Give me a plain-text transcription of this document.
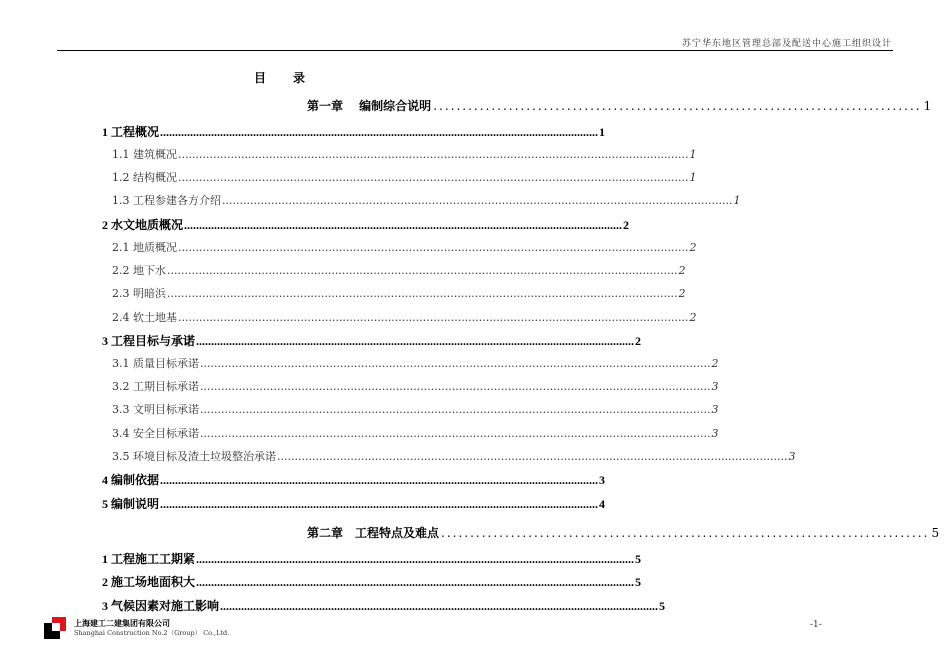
苏宁华东地区管理总部及配送中心施工组织设计
目　　录
第一章　 编制综合说明 .................................................................................... 1
1 工程概况 .................................................................................................................................................. 1
1.1 建筑概况 .................................................................................................................................................. 1
1.2 结构概况 .................................................................................................................................................. 1
1.3 工程参建各方介绍 .................................................................................................................................................. 1
2 水文地质概况 .................................................................................................................................................. 2
2.1 地质概况 .................................................................................................................................................. 2
2.2 地下水 .................................................................................................................................................. 2
2.3 明暗浜 .................................................................................................................................................. 2
2.4 软土地基 .................................................................................................................................................. 2
3 工程目标与承诺 .................................................................................................................................................. 2
3.1 质量目标承诺 .................................................................................................................................................. 2
3.2 工期目标承诺 .................................................................................................................................................. 3
3.3 文明目标承诺 .................................................................................................................................................. 3
3.4 安全目标承诺 .................................................................................................................................................. 3
3.5 环境目标及渣土垃圾整治承诺 .................................................................................................................................................. 3
4 编制依据 .................................................................................................................................................. 3
5 编制说明 .................................................................................................................................................. 4
第二章　工程特点及难点 .................................................................................... 5
1 工程施工工期紧 .................................................................................................................................................. 5
2 施工场地面积大 .................................................................................................................................................. 5
3 气候因素对施工影响 .................................................................................................................................................. 5
上海建工二建集团有限公司
Shanghai Construction No.2（Group） Co.,Ltd.
-1-
